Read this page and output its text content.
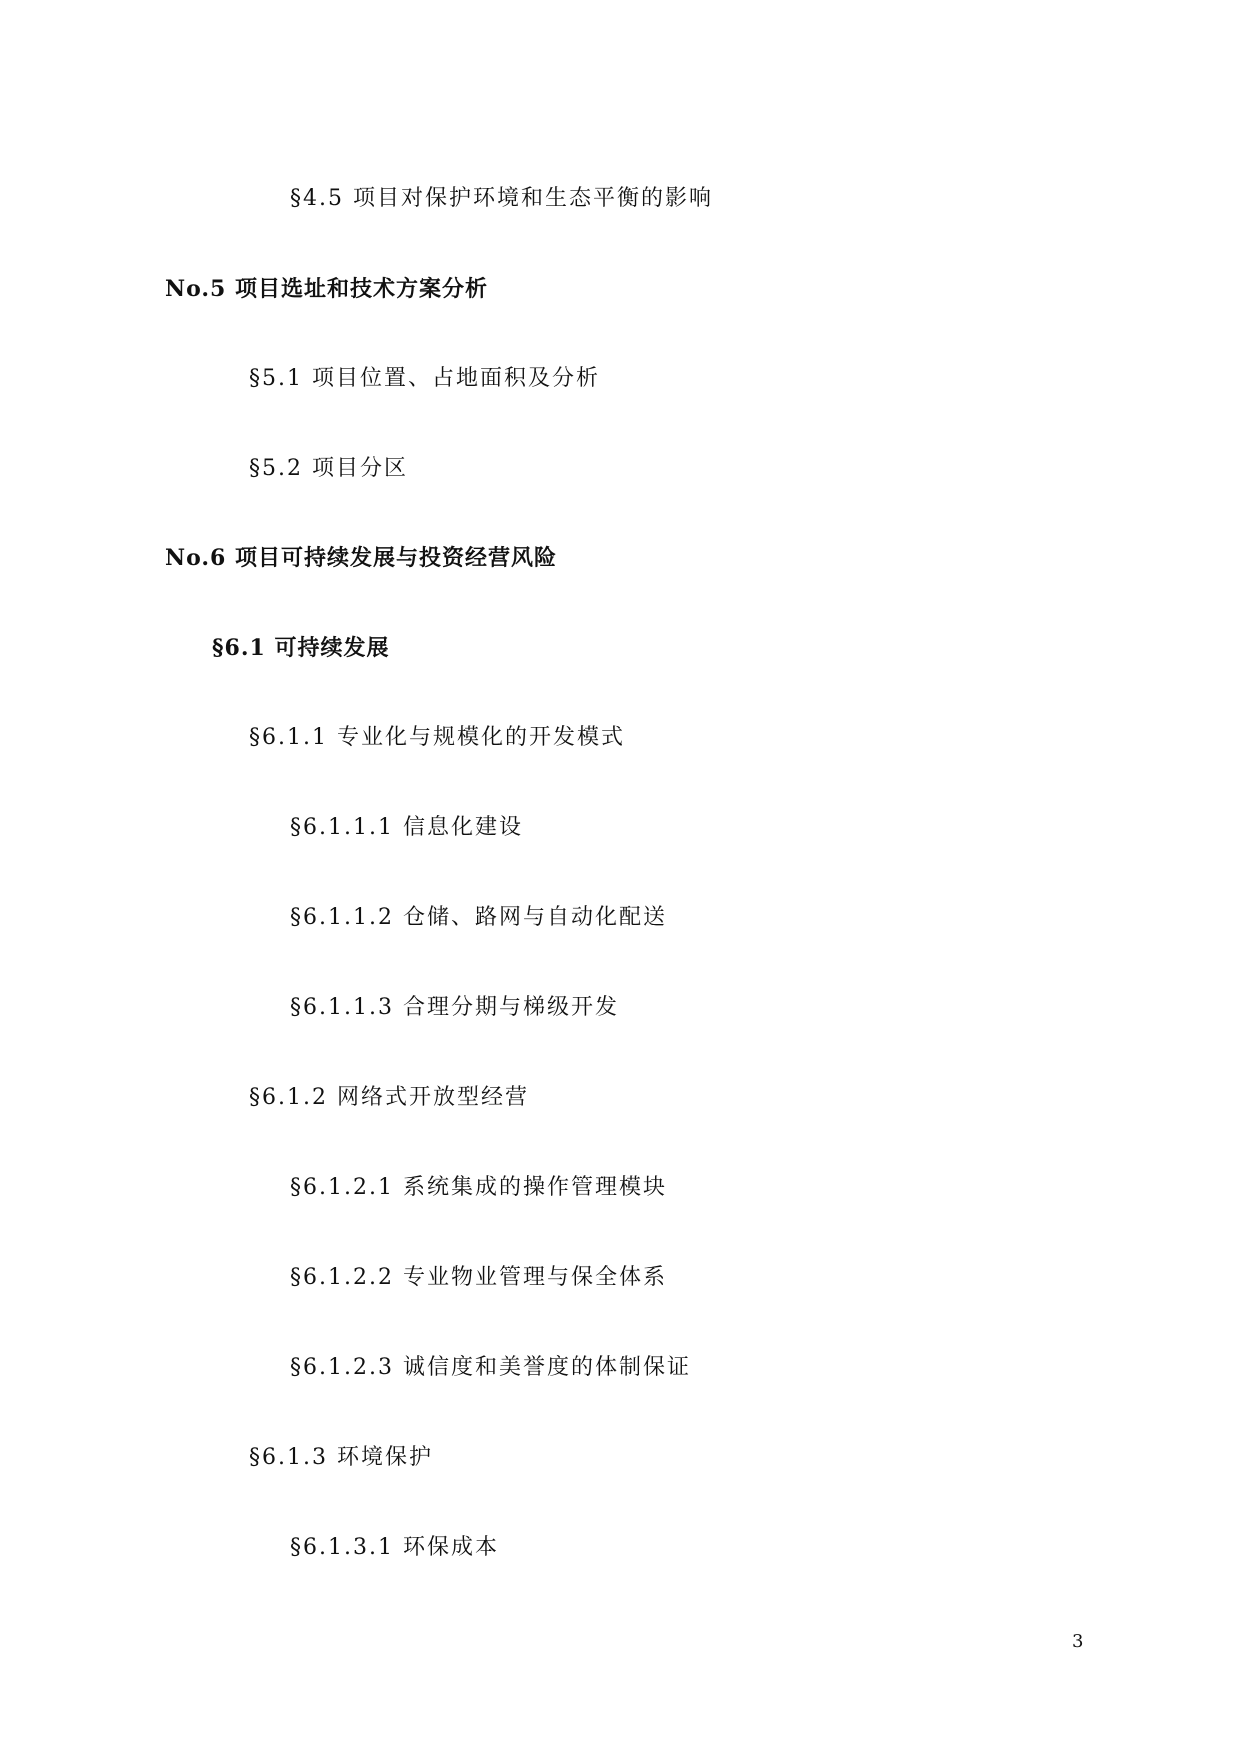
§4.5 项目对保护环境和生态平衡的影响
No.5 项目选址和技术方案分析
§5.1 项目位置、占地面积及分析
§5.2 项目分区
No.6 项目可持续发展与投资经营风险
§6.1 可持续发展
§6.1.1 专业化与规模化的开发模式
§6.1.1.1 信息化建设
§6.1.1.2 仓储、路网与自动化配送
§6.1.1.3 合理分期与梯级开发
§6.1.2 网络式开放型经营
§6.1.2.1 系统集成的操作管理模块
§6.1.2.2 专业物业管理与保全体系
§6.1.2.3 诚信度和美誉度的体制保证
§6.1.3 环境保护
§6.1.3.1 环保成本
3
